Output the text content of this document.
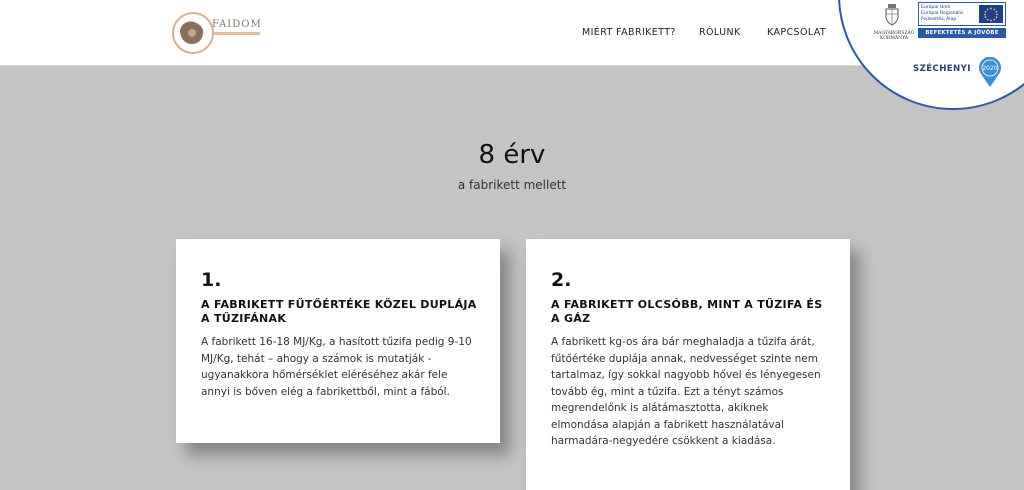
FAIDOM
MIÉRT FABRIKETT? RÓLUNK	KAPCSOLAT	MAGYARORSZÁG KORMÁNYA
Európai Unió
Európai Regionális
Fejlesztési Alap
BEFEKTETÉS A JÖVŐBE
SZÉCHENYI 2020
8 érv
a fabrikett mellett
1.
A FABRIKETT FŰTŐÉRTÉKE KÖZEL DUPLÁJA A TŰZIFÁNAK
A fabrikett 16-18 MJ/Kg, a hasított tűzifa pedig 9-10 MJ/Kg, tehát – ahogy a számok is mutatják - ugyanakkora hőmérséklet eléréséhez akár fele annyi is bőven elég a fabrikettből, mint a fából.
2.
A FABRIKETT OLCSÓBB, MINT A TŰZIFA ÉS A GÁZ
A fabrikett kg-os ára bár meghaladja a tűzifa árát, fűtőértéke duplája annak, nedvességet szinte nem tartalmaz, így sokkal nagyobb hővel és lényegesen tovább ég, mint a tűzifa. Ezt a tényt számos megrendelőnk is alátámasztotta, akiknek elmondása alapján a fabrikett használatával harmadára-negyedére csökkent a kiadása.
